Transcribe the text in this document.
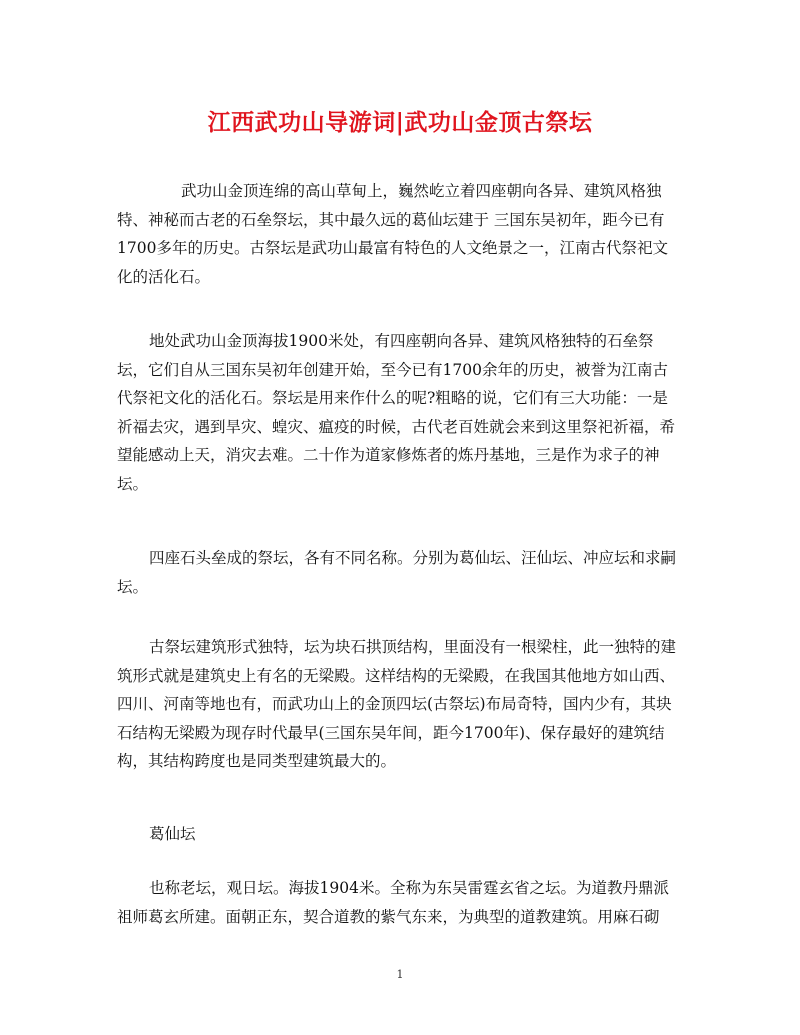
江西武功山导游词|武功山金顶古祭坛
武功山金顶连绵的高山草甸上，巍然屹立着四座朝向各异、建筑风格独特、神秘而古老的石垒祭坛，其中最久远的葛仙坛建于 三国东吴初年，距今已有1700多年的历史。古祭坛是武功山最富有特色的人文绝景之一，江南古代祭祀文化的活化石。
地处武功山金顶海拔1900米处，有四座朝向各异、建筑风格独特的石垒祭坛，它们自从三国东吴初年创建开始，至今已有1700余年的历史，被誉为江南古代祭祀文化的活化石。祭坛是用来作什么的呢?粗略的说，它们有三大功能：一是祈福去灾，遇到旱灾、蝗灾、瘟疫的时候，古代老百姓就会来到这里祭祀祈福，希望能感动上天，消灾去难。二十作为道家修炼者的炼丹基地，三是作为求子的神坛。
四座石头垒成的祭坛，各有不同名称。分别为葛仙坛、汪仙坛、冲应坛和求嗣坛。
古祭坛建筑形式独特，坛为块石拱顶结构，里面没有一根梁柱，此一独特的建筑形式就是建筑史上有名的无梁殿。这样结构的无梁殿，在我国其他地方如山西、四川、河南等地也有，而武功山上的金顶四坛(古祭坛)布局奇特，国内少有，其块石结构无梁殿为现存时代最早(三国东吴年间，距今1700年)、保存最好的建筑结构，其结构跨度也是同类型建筑最大的。
葛仙坛
也称老坛，观日坛。海拔1904米。全称为东吴雷霆玄省之坛。为道教丹鼎派祖师葛玄所建。面朝正东，契合道教的紫气东来，为典型的道教建筑。用麻石砌
1
